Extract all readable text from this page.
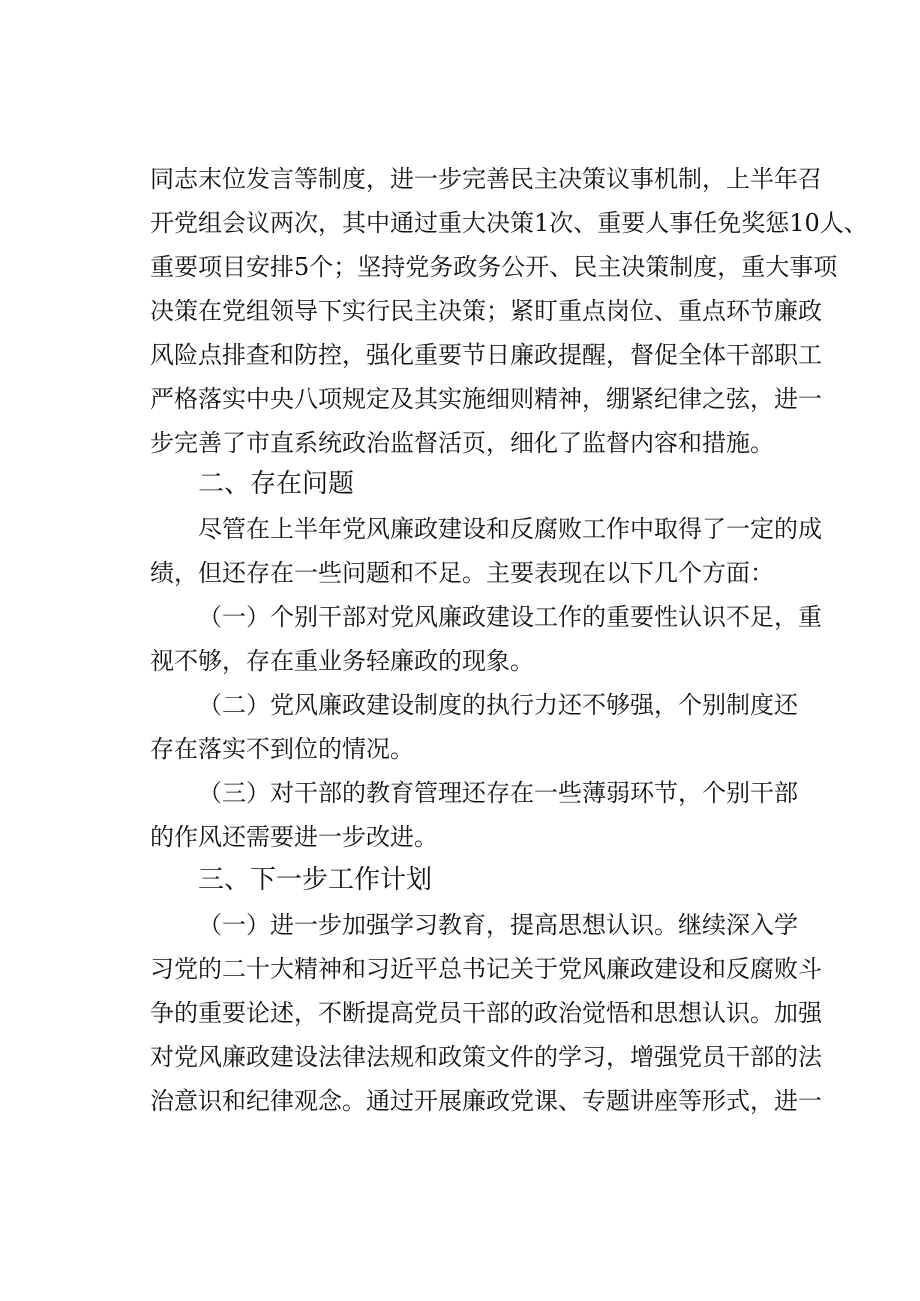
同志末位发言等制度，进一步完善民主决策议事机制，上半年召
开党组会议两次，其中通过重大决策1次、重要人事任免奖惩10人、
重要项目安排5个；坚持党务政务公开、民主决策制度，重大事项
决策在党组领导下实行民主决策；紧盯重点岗位、重点环节廉政
风险点排查和防控，强化重要节日廉政提醒，督促全体干部职工
严格落实中央八项规定及其实施细则精神，绷紧纪律之弦，进一
步完善了市直系统政治监督活页，细化了监督内容和措施。
二、存在问题
尽管在上半年党风廉政建设和反腐败工作中取得了一定的成
绩，但还存在一些问题和不足。主要表现在以下几个方面：
（一）个别干部对党风廉政建设工作的重要性认识不足，重
视不够，存在重业务轻廉政的现象。
（二）党风廉政建设制度的执行力还不够强，个别制度还
存在落实不到位的情况。
（三）对干部的教育管理还存在一些薄弱环节，个别干部
的作风还需要进一步改进。
三、下一步工作计划
（一）进一步加强学习教育，提高思想认识。继续深入学
习党的二十大精神和习近平总书记关于党风廉政建设和反腐败斗
争的重要论述，不断提高党员干部的政治觉悟和思想认识。加强
对党风廉政建设法律法规和政策文件的学习，增强党员干部的法
治意识和纪律观念。通过开展廉政党课、专题讲座等形式，进一
